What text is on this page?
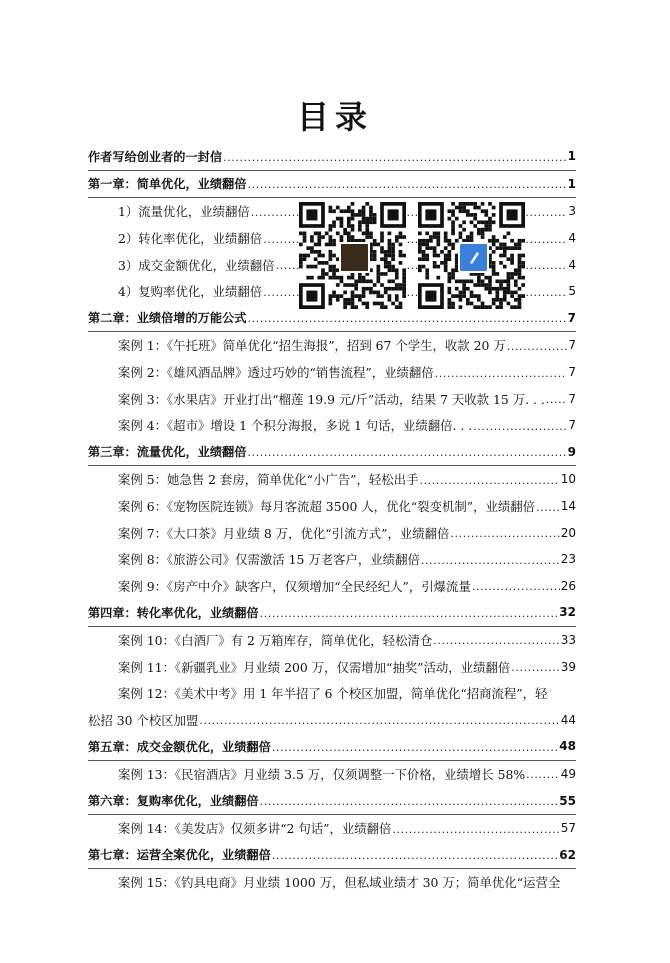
目录
作者写给创业者的一封信 .....	1
第一章：简单优化，业绩翻倍 .....	1
1）流量优化，业绩翻倍 .....	3
2）转化率优化，业绩翻倍 .....	4
3）成交金额优化，业绩翻倍 .....	4
4）复购率优化，业绩翻倍 .....	5
第二章：业绩倍增的万能公式 .....	7
案例 1：《午托班》简单优化“招生海报”，招到 67 个学生，收款 20 万 .....	7
案例 2：《雄风酒品牌》透过巧妙的“销售流程”，业绩翻倍 .....	7
案例 3：《水果店》开业打出“榴莲 19.9 元/斤”活动，结果 7 天收款 15 万. . . ..... 7
案例 4：《超市》增设 1 个积分海报，多说 1 句话，业绩翻倍. . . .....	7
第三章：流量优化，业绩翻倍 .....	9
案例 5：她急售 2 套房，简单优化“小广告”，轻松出手 .....	10
案例 6：《宠物医院连锁》每月客流超 3500 人，优化“裂变机制”，业绩翻倍 ..... 14
案例 7：《大口茶》月业绩 8 万，优化“引流方式”，业绩翻倍 .....	20
案例 8：《旅游公司》仅需激活 15 万老客户，业绩翻倍 .....	23
案例 9：《房产中介》缺客户，仅须增加“全民经纪人”，引爆流量 .....	26
第四章：转化率优化，业绩翻倍 .....	32
案例 10：《白酒厂》有 2 万箱库存，简单优化，轻松清仓 .....	33
案例 11：《新疆乳业》月业绩 200 万，仅需增加“抽奖”活动，业绩翻倍 .....	39
案例 12：《美术中考》用 1 年半招了 6 个校区加盟，简单优化“招商流程”，轻
松招 30 个校区加盟 .....	44
第五章：成交金额优化，业绩翻倍 .....	48
案例 13：《民宿酒店》月业绩 3.5 万，仅须调整一下价格，业绩增长 58% .....	49
第六章：复购率优化，业绩翻倍 .....	55
案例 14：《美发店》仅须多讲“2 句话”，业绩翻倍 .....	57
第七章：运营全案优化，业绩翻倍 .....	62
案例 15：《钓具电商》月业绩 1000 万，但私域业绩才 30 万；简单优化“运营全
